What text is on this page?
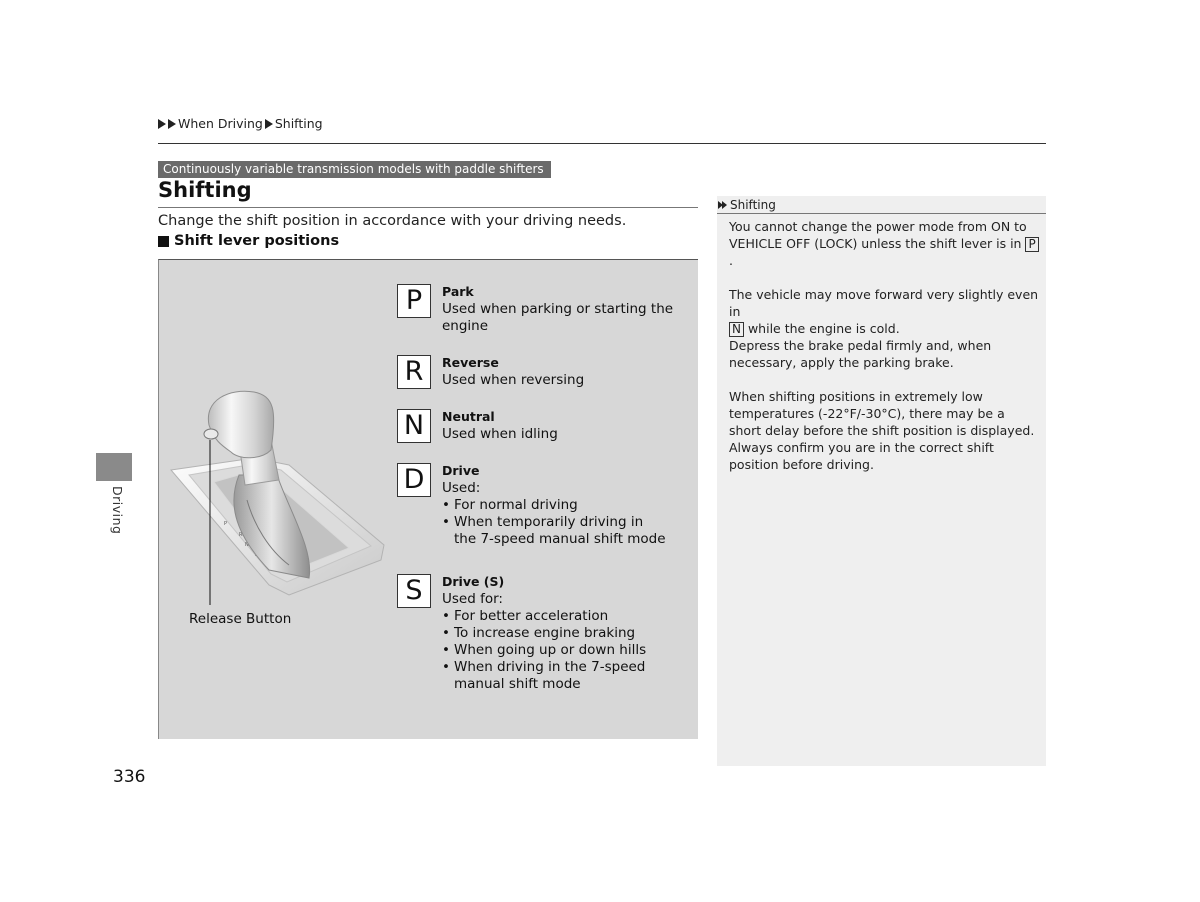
When Driving Shifting
Continuously variable transmission models with paddle shifters
Shifting
Change the shift position in accordance with your driving needs.
Shift lever positions
P
R
N
Release Button
P	Park
Used when parking or starting the engine
R	Reverse
Used when reversing
N	Neutral
Used when idling
D	Drive
Used:
• For normal driving
• When temporarily driving in the 7-speed manual shift mode
S	Drive (S)
Used for:
• For better acceleration
• To increase engine braking
• When going up or down hills
• When driving in the 7-speed manual shift mode
Shifting

You cannot change the power mode from ON to VEHICLE OFF (LOCK) unless the shift lever is in P.

The vehicle may move forward very slightly even in
N while the engine is cold.
Depress the brake pedal firmly and, when necessary, apply the parking brake.

When shifting positions in extremely low temperatures (-22°F/-30°C), there may be a short delay before the shift position is displayed. Always confirm you are in the correct shift position before driving.

Driving
336
